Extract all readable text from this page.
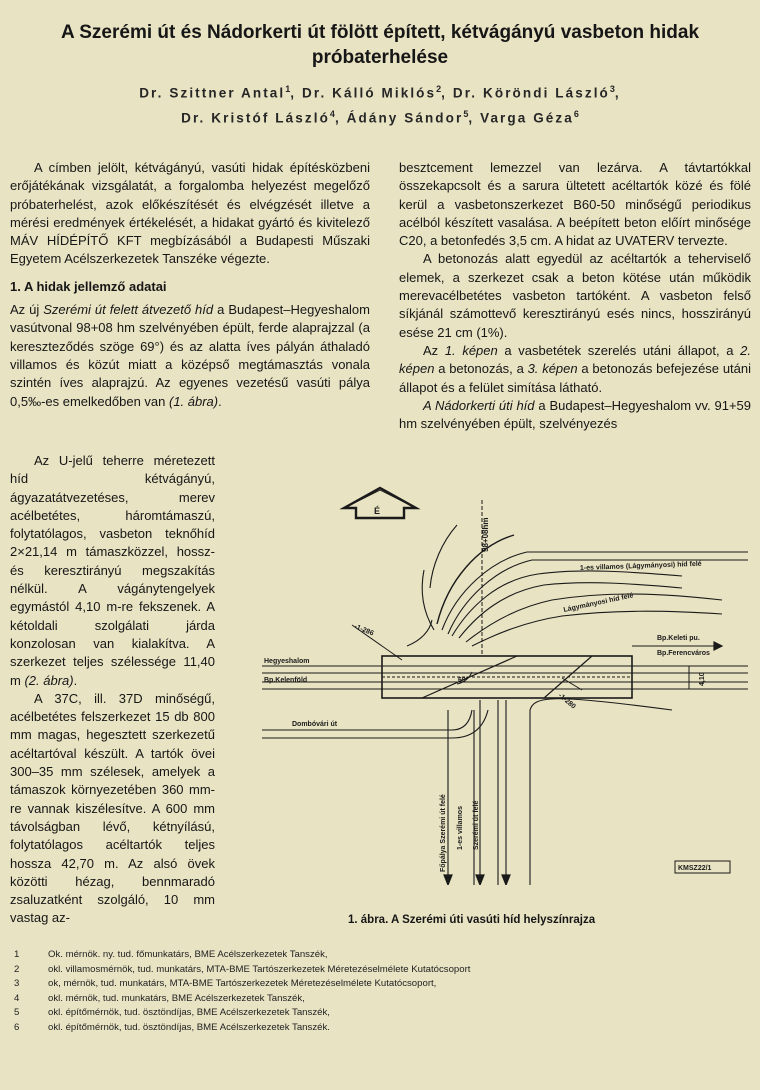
A Szerémi út és Nádorkerti út fölött épített, kétvágányú vasbeton hidak próbaterhelése
Dr. Szittner Antal$^1$, Dr. Kálló Miklós$^2$, Dr. Köröndi László$^3$,
Dr. Kristóf László$^4$, Ádány Sándor$^5$, Varga Géza$^6$

A címben jelölt, kétvágányú, vasúti hidak építésközbeni erőjátékának vizsgálatát, a forgalomba helyezést megelőző próbaterhelést, azok előkészítését és elvégzését illetve a mérési eredmények értékelését, a hidakat gyártó és kivitelező MÁV HÍDÉPÍTŐ KFT megbízásából a Budapesti Műszaki Egyetem Acélszerkezetek Tanszéke végezte.

1. A hidak jellemző adatai

Az új Szerémi út felett átvezető híd a Budapest–Hegyeshalom vasútvonal 98+08 hm szelvényében épült, ferde alaprajzzal (a kereszteződés szöge 69°) és az alatta íves pályán áthaladó villamos és közút miatt a középső megtámasztás vonala szintén íves alaprajzú. Az egyenes vezetésű vasúti pálya 0,5‰-es emelkedőben van (1. ábra).

Az U-jelű teherre méretezett híd kétvágányú, ágyazatátvezetéses, merev acélbetétes, háromtámaszú, folytatólagos, vasbeton teknőhíd 2×21,14 m támaszközzel, hossz- és keresztirányú megszakítás nélkül. A vágánytengelyek egymástól 4,10 m-re fekszenek. A kétoldali szolgálati járda konzolosan van kialakítva. A szerkezet teljes szélessége 11,40 m (2. ábra).

A 37C, ill. 37D minőségű, acélbetétes felszerkezet 15 db 800 mm magas, hegesztett szerkezetű acéltartóval készült. A tartók övei 300–35 mm szélesek, amelyek a támaszok környezetében 360 mm-re vannak kiszélesítve. A 600 mm távolságban lévő, kétnyílású, folytatólagos acéltartók teljes hossza 42,70 m. Az alsó övek közötti hézag, bennmaradó zsaluzatként szolgáló, 10 mm vastag az-

besztcement lemezzel van lezárva. A távtartókkal összekapcsolt és a sarura ültetett acéltartók közé és fölé kerül a vasbetonszerkezet B60-50 minőségű periodikus acélból készített vasalása. A beépített beton előírt minősége C20, a betonfedés 3,5 cm. A hidat az UVATERV tervezte.

A betonozás alatt egyedül az acéltartók a teherviselő elemek, a szerkezet csak a beton kötése után működik merevacélbetétes vasbeton tartóként. A vasbeton felső síkjánál számottevő keresztirányú esés nincs, hosszirányú esése 21 cm (1%).

Az 1. képen a vasbetétek szerelés utáni állapot, a 2. képen a betonozás, a 3. képen a betonozás befejezése utáni állapot és a felület simítása látható.

A Nádorkerti úti híd a Budapest–Hegyeshalom vv. 91+59 hm szelvényében épült, szelvényezés

É
98+08hm
1-es villamos (Lágymányosi) híd felé
Lágymányosi híd felé
Bp.Keleti pu.
Bp.Ferencváros
Hegyeshalom
Bp.Kelenföld
Dombóvári út
-1-286
-1-280
69°	4,10
Főpálya Szerémi út felé 1-es villamos Szerémi út felé
KMSZ22/1
1. ábra. A Szerémi úti vasúti híd helyszínrajza
1	Ok. mérnök. ny. tud. főmunkatárs, BME Acélszerkezetek Tanszék,
2	okl. villamosmérnök, tud. munkatárs, MTA-BME Tartószerkezetek Méretezéselmélete Kutatócsoport
3	ok, mérnök, tud. munkatárs, MTA-BME Tartószerkezetek Méretezéselmélete Kutatócsoport,
4	okl. mérnök, tud. munkatárs, BME Acélszerkezetek Tanszék,
5	okl. építőmérnök, tud. ösztöndíjas, BME Acélszerkezetek Tanszék,
6	okl. építőmérnök, tud. ösztöndíjas, BME Acélszerkezetek Tanszék.
